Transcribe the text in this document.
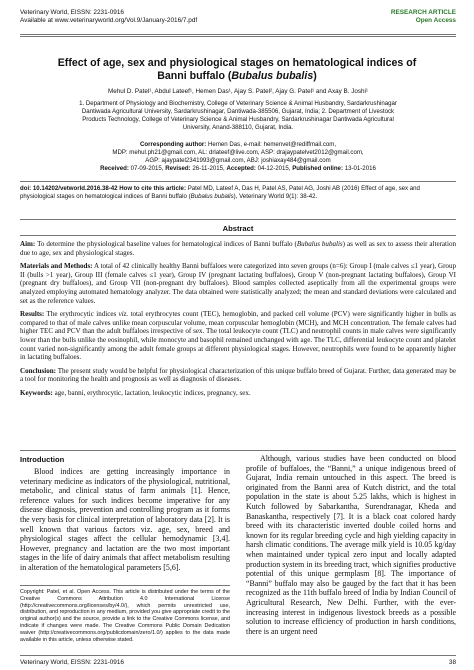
Veterinary World, EISSN: 2231-0916
Available at www.veterinaryworld.org/Vol.9/January-2016/7.pdf
RESEARCH ARTICLE
Open Access
Effect of age, sex and physiological stages on hematological indices of
Banni buffalo (Bubalus bubalis)
Mehul D. Patel¹, Abdul Lateef¹, Hemen Das¹, Ajay S. Patel², Ajay G. Patel¹ and Axay B. Joshi¹
1. Department of Physiology and Biochemistry, College of Veterinary Science & Animal Husbandry, Sardarkrushinagar
Dantiwada Agricultural University, Sardarkrushinagar, Dantiwada-385506, Gujarat, India; 2. Department of Livestock
Products Technology, College of Veterinary Science & Animal Husbandry, Sardarkrushinagar Dantiwada Agricultural
University, Anand-388110, Gujarat, India.
Corresponding author: Hemen Das, e-mail: hemenvet@rediffmail.com,
MDP: mehul.ph21@gmail.com, AL: drlateef@live.com, ASP: drajaypatelvet2012@gmail.com,
AGP: ajaypatel2341993@gmail.com, ABJ: joshiaxay484@gmail.com
Received: 07-09-2015, Revised: 26-11-2015, Accepted: 04-12-2015, Published online: 13-01-2016
doi: 10.14202/vetworld.2016.38-42 How to cite this article: Patel MD, Lateef A, Das H, Patel AS, Patel AG, Joshi AB (2016) Effect of age, sex and physiological stages on hematological indices of Banni buffalo (Bubalus bubalis), Veterinary World 9(1): 38-42.
Abstract

Aim: To determine the physiological baseline values for hematological indices of Banni buffalo (Bubalus bubalis) as well as sex to assess their alteration due to age, sex and physiological stages.

Materials and Methods: A total of 42 clinically healthy Banni buffaloes were categorized into seven groups (n=6): Group I (male calves ≤1 year), Group II (bulls >1 year), Group III (female calves ≤1 year), Group IV (pregnant lactating buffaloes), Group V (non-pregnant lactating buffaloes), Group VI (pregnant dry buffaloes), and Group VII (non-pregnant dry buffaloes). Blood samples collected aseptically from all the experimental groups were analyzed employing automated hematology analyzer. The data obtained were statistically analyzed; the mean and standard deviations were calculated and set as the reference values.

Results: The erythrocytic indices viz. total erythrocytes count (TEC), hemoglobin, and packed cell volume (PCV) were significantly higher in bulls as compared to that of male calves unlike mean corpuscular volume, mean corpuscular hemoglobin (MCH), and MCH concentration. The female calves had higher TEC and PCV than the adult buffaloes irrespective of sex. The total leukocyte count (TLC) and neutrophil counts in male calves were significantly lower than the bulls unlike the eosinophil, while monocyte and basophil remained unchanged with age. The TLC, differential leukocyte count and platelet count varied non-significantly among the adult female groups at different physiological stages. However, neutrophils were found to be apparently higher in lactating buffaloes.

Conclusion: The present study would be helpful for physiological characterization of this unique buffalo breed of Gujarat. Further, data generated may be a tool for monitoring the health and prognosis as well as diagnosis of diseases.

Keywords: age, banni, erythrocytic, lactation, leukocytic indices, pregnancy, sex.

Introduction

Blood indices are getting increasingly importance in veterinary medicine as indicators of the physiological, nutritional, metabolic, and clinical status of farm animals [1]. Hence, reference values for such indices become imperative for any disease diagnosis, prevention and controlling program as it forms the very basis for clinical interpretation of laboratory data [2]. It is well known that various factors viz. age, sex, breed and physiological stages affect the cellular hemodynamic [3,4]. However, pregnancy and lactation are the two most important stages in the life of dairy animals that affect metabolism resulting in alteration of the hematological parameters [5,6].

Although, various studies have been conducted on blood profile of buffaloes, the “Banni,” a unique indigenous breed of Gujarat, India remain untouched in this aspect. The breed is originated from the Banni area of Kutch district, and the total population in the state is about 5.25 lakhs, which is highest in Kutch followed by Sabarkantha, Surendranagar, Kheda and Banaskantha, respectively [7]. It is a black coat colored hardy breed with its characteristic inverted double coiled horns and known for its regular breeding cycle and high yielding capacity in harsh climatic conditions. The average milk yield is 10.05 kg/day when maintained under typical zero input and locally adapted production system in its breeding tract, which signifies productive potential of this unique germplasm [8]. The importance of “Banni” buffalo may also be gauged by the fact that it has been recognized as the 11th buffalo breed of India by Indian Council of Agricultural Research, New Delhi. Further, with the ever-increasing interest in indigenous livestock breeds as a possible solution to increase efficiency of production in harsh conditions, there is an urgent need

Copyright: Patel, et al. Open Access. This article is distributed under the terms of the Creative Commons Attribution 4.0 International License (http://creativecommons.org/licenses/by/4.0/), which permits unrestricted use, distribution, and reproduction in any medium, provided you give appropriate credit to the original author(s) and the source, provide a link to the Creative Commons license, and indicate if changes were made. The Creative Commons Public Domain Dedication waiver (http://creativecommons.org/publicdomain/zero/1.0/) applies to the data made available in this article, unless otherwise stated.
Veterinary World, EISSN: 2231-0916	38
